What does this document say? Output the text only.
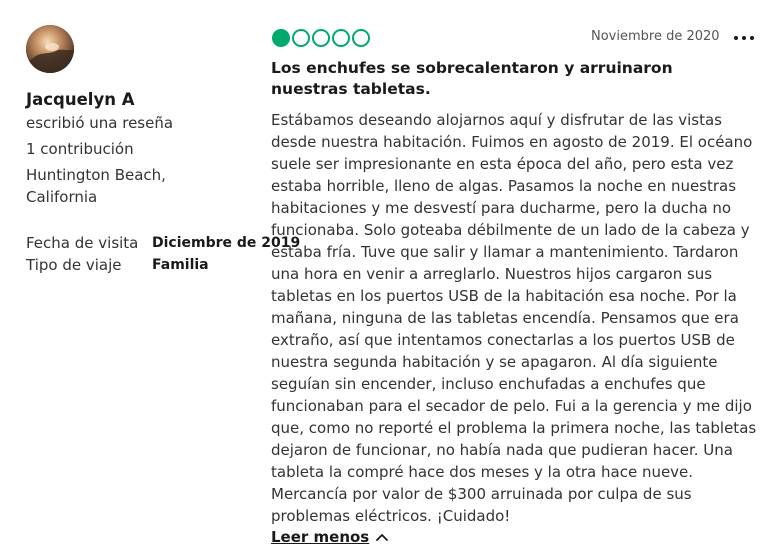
Jacquelyn A
escribió una reseña
1 contribución
Huntington Beach,
California
Fecha de visita Diciembre de 2019
Tipo de viaje Familia
Noviembre de 2020
Los enchufes se sobrecalentaron y arruinaron nuestras tabletas.

Estábamos deseando alojarnos aquí y disfrutar de las vistas desde nuestra habitación. Fuimos en agosto de 2019. El océano suele ser impresionante en esta época del año, pero esta vez estaba horrible, lleno de algas. Pasamos la noche en nuestras habitaciones y me desvestí para ducharme, pero la ducha no funcionaba. Solo goteaba débilmente de un lado de la cabeza y estaba fría. Tuve que salir y llamar a mantenimiento. Tardaron una hora en venir a arreglarlo. Nuestros hijos cargaron sus tabletas en los puertos USB de la habitación esa noche. Por la mañana, ninguna de las tabletas encendía. Pensamos que era extraño, así que intentamos conectarlas a los puertos USB de nuestra segunda habitación y se apagaron. Al día siguiente seguían sin encender, incluso enchufadas a enchufes que funcionaban para el secador de pelo. Fui a la gerencia y me dijo que, como no reporté el problema la primera noche, las tabletas dejaron de funcionar, no había nada que pudieran hacer. Una tableta la compré hace dos meses y la otra hace nueve. Mercancía por valor de $300 arruinada por culpa de sus problemas eléctricos. ¡Cuidado!

Leer menos
